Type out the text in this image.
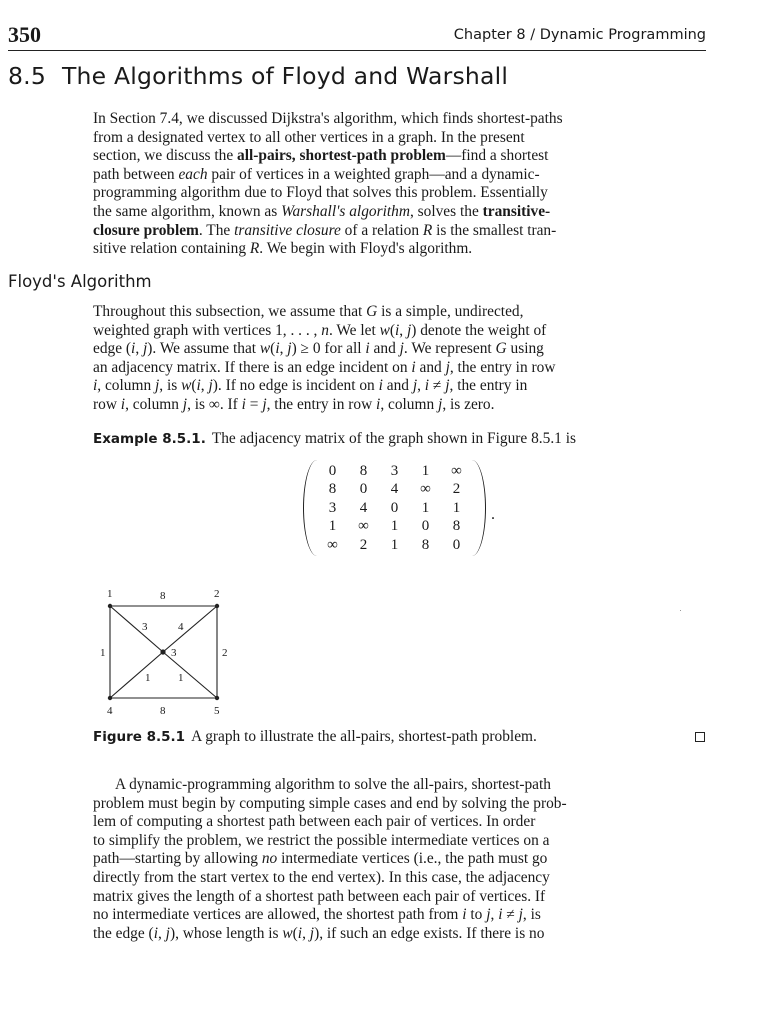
350	Chapter 8 / Dynamic Programming
8.5 The Algorithms of Floyd and Warshall
In Section 7.4, we discussed Dijkstra's algorithm, which finds shortest-paths
from a designated vertex to all other vertices in a graph. In the present
section, we discuss the all-pairs, shortest-path problem—find a shortest
path between each pair of vertices in a weighted graph—and a dynamic-
programming algorithm due to Floyd that solves this problem. Essentially
the same algorithm, known as Warshall's algorithm, solves the transitive-
closure problem. The transitive closure of a relation R is the smallest tran-
sitive relation containing R. We begin with Floyd's algorithm.
Floyd's Algorithm
Throughout this subsection, we assume that G is a simple, undirected,
weighted graph with vertices 1, . . . , n. We let w(i, j) denote the weight of
edge (i, j). We assume that w(i, j) ≥ 0 for all i and j. We represent G using
an adjacency matrix. If there is an edge incident on i and j, the entry in row
i, column j, is w(i, j). If no edge is incident on i and j, i ≠ j, the entry in
row i, column j, is ∞. If i = j, the entry in row i, column j, is zero.
Example 8.5.1. The adjacency matrix of the graph shown in Figure 8.5.1 is
0	8	3	1	∞
8	0	4	∞	2
3	4	0	1	1
1	∞	1	0	8
∞	2	1	8	0
.
1	2
3
4	5
8
1	2
8
3	4
1	1
Figure 8.5.1 A graph to illustrate the all-pairs, shortest-path problem.
A dynamic-programming algorithm to solve the all-pairs, shortest-path
problem must begin by computing simple cases and end by solving the prob-
lem of computing a shortest path between each pair of vertices. In order
to simplify the problem, we restrict the possible intermediate vertices on a
path—starting by allowing no intermediate vertices (i.e., the path must go
directly from the start vertex to the end vertex). In this case, the adjacency
matrix gives the length of a shortest path between each pair of vertices. If
no intermediate vertices are allowed, the shortest path from i to j, i ≠ j, is
the edge (i, j), whose length is w(i, j), if such an edge exists. If there is no
